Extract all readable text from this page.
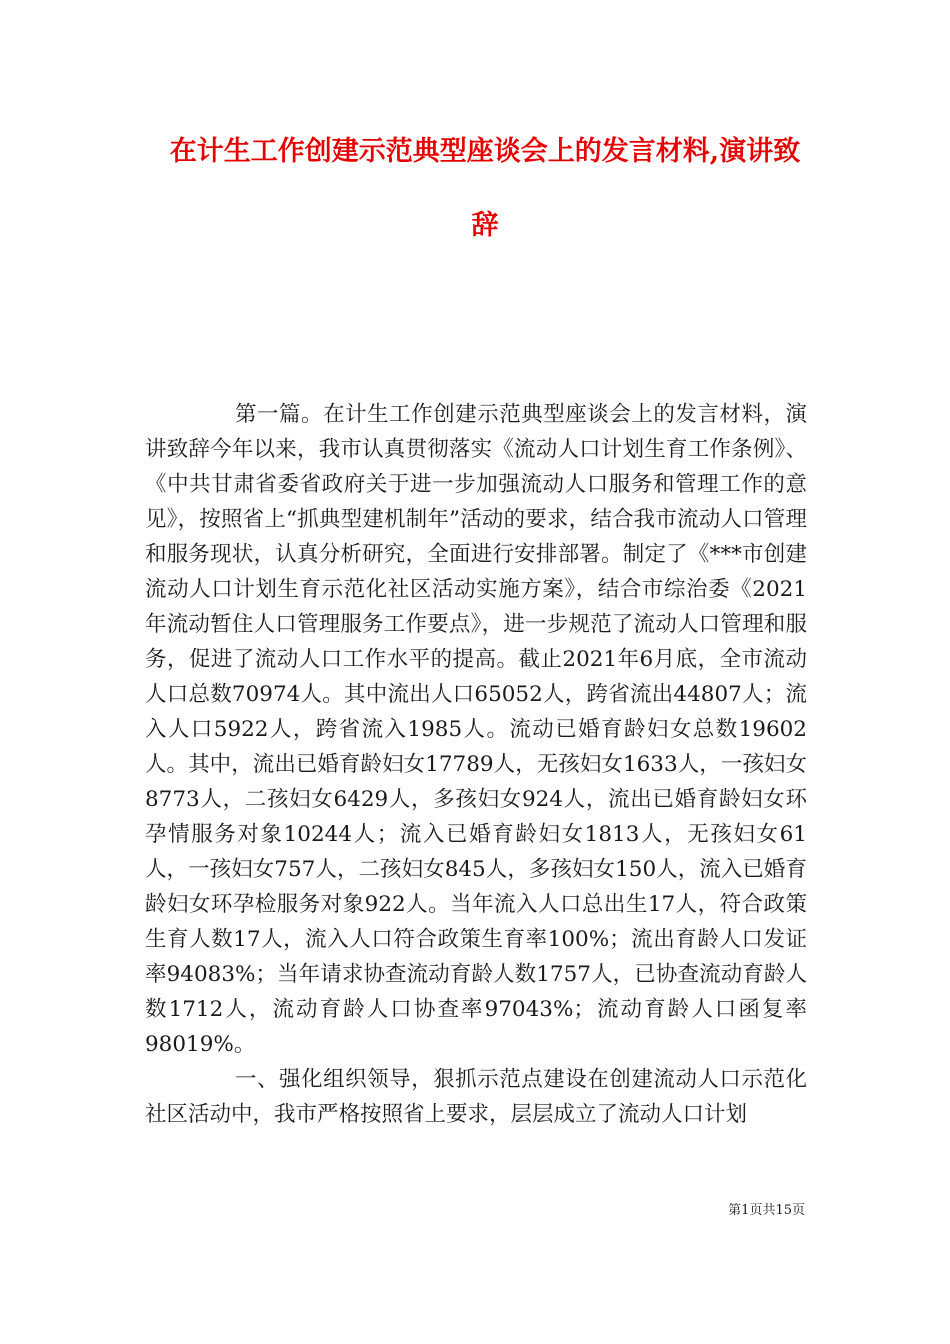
在计生工作创建示范典型座谈会上的发言材料,演讲致
辞

第一篇。在计生工作创建示范典型座谈会上的发言材料，演讲致辞今年以来，我市认真贯彻落实《流动人口计划生育工作条例》、《中共甘肃省委省政府关于进一步加强流动人口服务和管理工作的意见》，按照省上“抓典型建机制年”活动的要求，结合我市流动人口管理和服务现状，认真分析研究，全面进行安排部署。制定了《***市创建流动人口计划生育示范化社区活动实施方案》，结合市综治委《2021年流动暂住人口管理服务工作要点》，进一步规范了流动人口管理和服务，促进了流动人口工作水平的提高。截止2021年6月底，全市流动人口总数70974人。其中流出人口65052人，跨省流出44807人；流入人口5922人，跨省流入1985人。流动已婚育龄妇女总数19602人。其中，流出已婚育龄妇女17789人，无孩妇女1633人，一孩妇女8773人，二孩妇女6429人，多孩妇女924人，流出已婚育龄妇女环孕情服务对象10244人；流入已婚育龄妇女1813人，无孩妇女61人，一孩妇女757人，二孩妇女845人，多孩妇女150人，流入已婚育龄妇女环孕检服务对象922人。当年流入人口总出生17人，符合政策生育人数17人，流入人口符合政策生育率100%；流出育龄人口发证率94083%；当年请求协查流动育龄人数1757人，已协查流动育龄人数1712人，流动育龄人口协查率97043%；流动育龄人口函复率98019%。

一、强化组织领导，狠抓示范点建设在创建流动人口示范化社区活动中，我市严格按照省上要求，层层成立了流动人口计划

第1页共15页
